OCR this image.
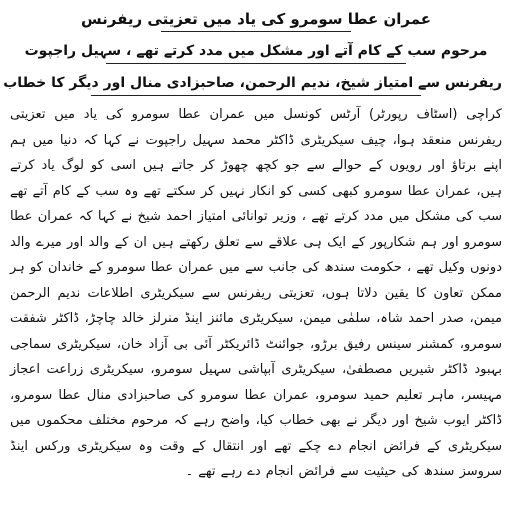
عمران عطا سومرو کی یاد میں تعزیتی ریفرنس

مرحوم سب کے کام آتے اور مشکل میں مدد کرتے تھے ، سہیل راجپوت

ریفرنس سے امتیاز شیخ، ندیم الرحمن، صاحبزادی منال اور دیگر کا خطاب

کراچی (اسٹاف رپورٹر) آرٹس کونسل میں عمران عطا سومرو کی یاد میں تعزیتی ریفرنس منعقد ہوا، چیف سیکریٹری ڈاکٹر محمد سہیل راجپوت نے کہا کہ دنیا میں ہم اپنے برتاؤ اور رویوں کے حوالے سے جو کچھ چھوڑ کر جاتے ہیں اسی کو لوگ یاد کرتے ہیں، عمران عطا سومرو کبھی کسی کو انکار نہیں کر سکتے تھے وہ سب کے کام آتے تھے سب کی مشکل میں مدد کرتے تھے ، وزیر توانائی امتیاز احمد شیخ نے کہا کہ عمران عطا سومرو اور ہم شکارپور کے ایک ہی علاقے سے تعلق رکھتے ہیں ان کے والد اور میرے والد دونوں وکیل تھے ، حکومت سندھ کی جانب سے میں عمران عطا سومرو کے خاندان کو ہر ممکن تعاون کا یقین دلاتا ہوں، تعزیتی ریفرنس سے سیکریٹری اطلاعات ندیم الرحمن میمن، صدر احمد شاہ، سلمٰی میمن، سیکریٹری مائنز اینڈ منرلز خالد چاچڑ، ڈاکٹر شفقت سومرو، کمشنر سینس رفیق برڑو، جوائنٹ ڈائریکٹر آئی بی آزاد خان، سیکریٹری سماجی بہبود ڈاکٹر شیریں مصطفیٰ، سیکریٹری آبپاشی سہیل سومرو، سیکریٹری زراعت اعجاز مہیسر، ماہر تعلیم حمید سومرو، عمران عطا سومرو کی صاحبزادی منال عطا سومرو، ڈاکٹر ایوب شیخ اور دیگر نے بھی خطاب کیا، واضح رہے کہ مرحوم مختلف محکموں میں سیکریٹری کے فرائض انجام دے چکے تھے اور انتقال کے وقت وہ سیکریٹری ورکس اینڈ سروسز سندھ کی حیثیت سے فرائض انجام دے رہے تھے ۔
